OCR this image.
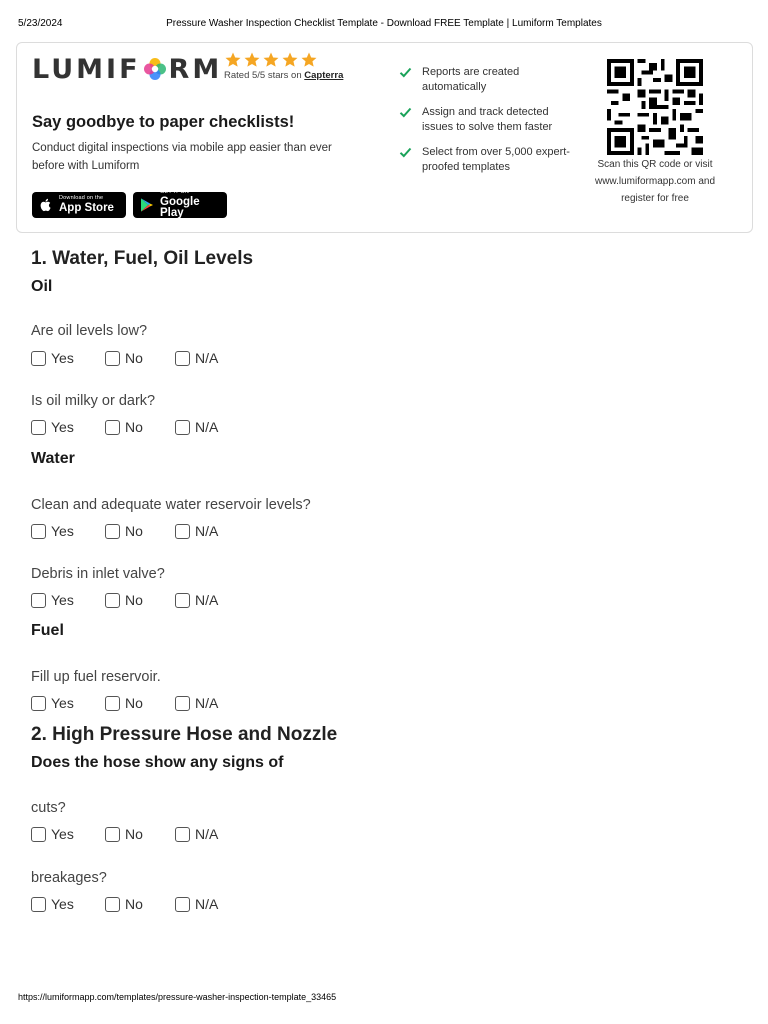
5/23/2024	Pressure Washer Inspection Checklist Template - Download FREE Template | Lumiform Templates
LUMIF RM Rated 5/5 stars on Capterra
Say goodbye to paper checklists!
Conduct digital inspections via mobile app easier than ever before with Lumiform
Download on the
App Store
GET IT ON
Google Play
Reports are created automatically
Assign and track detected issues to solve them faster
Select from over 5,000 expert-proofed templates	Scan this QR code or visit www.lumiformapp.com and register for free
1. Water, Fuel, Oil Levels
Oil
Are oil levels low?
Yes	No	N/A
Is oil milky or dark?
Yes	No	N/A
Water
Clean and adequate water reservoir levels?
Yes	No	N/A
Debris in inlet valve?
Yes	No	N/A
Fuel
Fill up fuel reservoir.
Yes	No	N/A
2. High Pressure Hose and Nozzle
Does the hose show any signs of
cuts?
Yes	No	N/A
breakages?
Yes	No	N/A
https://lumiformapp.com/templates/pressure-washer-inspection-template_33465
